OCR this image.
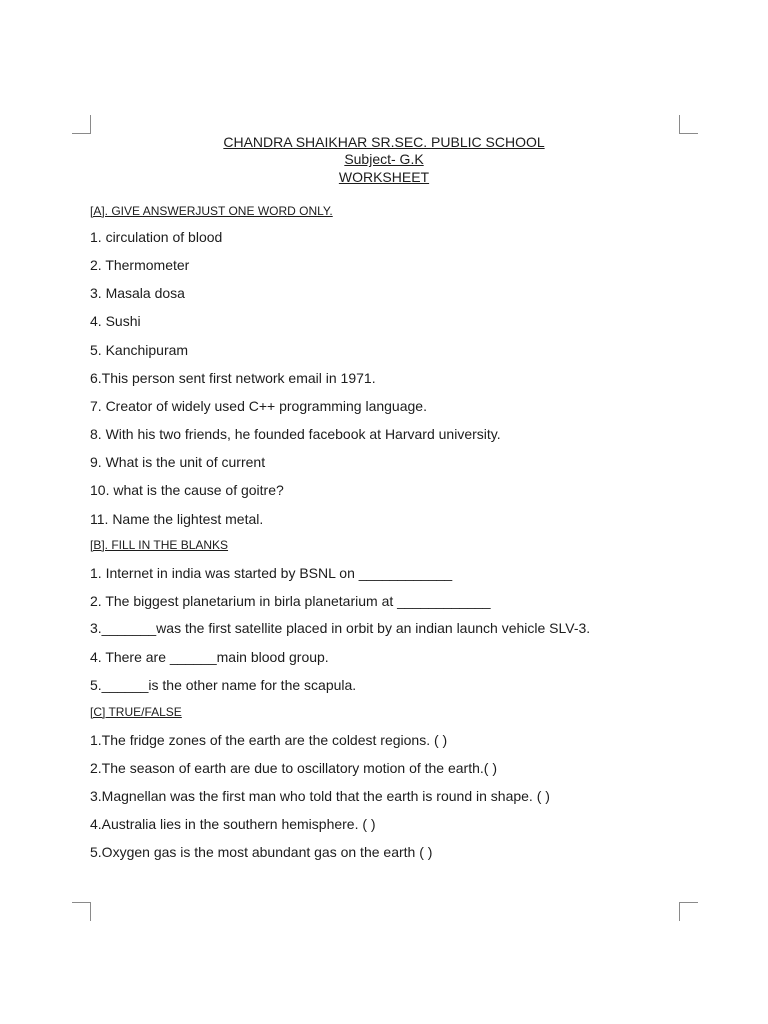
CHANDRA SHAIKHAR SR.SEC. PUBLIC SCHOOL
Subject- G.K
WORKSHEET
[A]. GIVE ANSWERJUST ONE WORD ONLY.
1. circulation of blood
2. Thermometer
3. Masala dosa
4. Sushi
5. Kanchipuram
6.This person sent first network email in 1971.
7. Creator of widely used C++ programming language.
8. With his two friends, he founded facebook at Harvard university.
9. What is the unit of current
10. what is the cause of goitre?
11. Name the lightest metal.
[B]. FILL IN THE BLANKS
1. Internet in india was started by BSNL on ____________
2. The biggest planetarium in birla planetarium at ____________
3._______was the first satellite placed in orbit by an indian launch vehicle SLV-3.
4. There are ______main blood group.
5.______is the other name for the scapula.
[C] TRUE/FALSE
1.The fridge zones of the earth are the coldest regions. ( )
2.The season of earth are due to oscillatory motion of the earth.( )
3.Magnellan was the first man who told that the earth is round in shape. ( )
4.Australia lies in the southern hemisphere. ( )
5.Oxygen gas is the most abundant gas on the earth ( )
